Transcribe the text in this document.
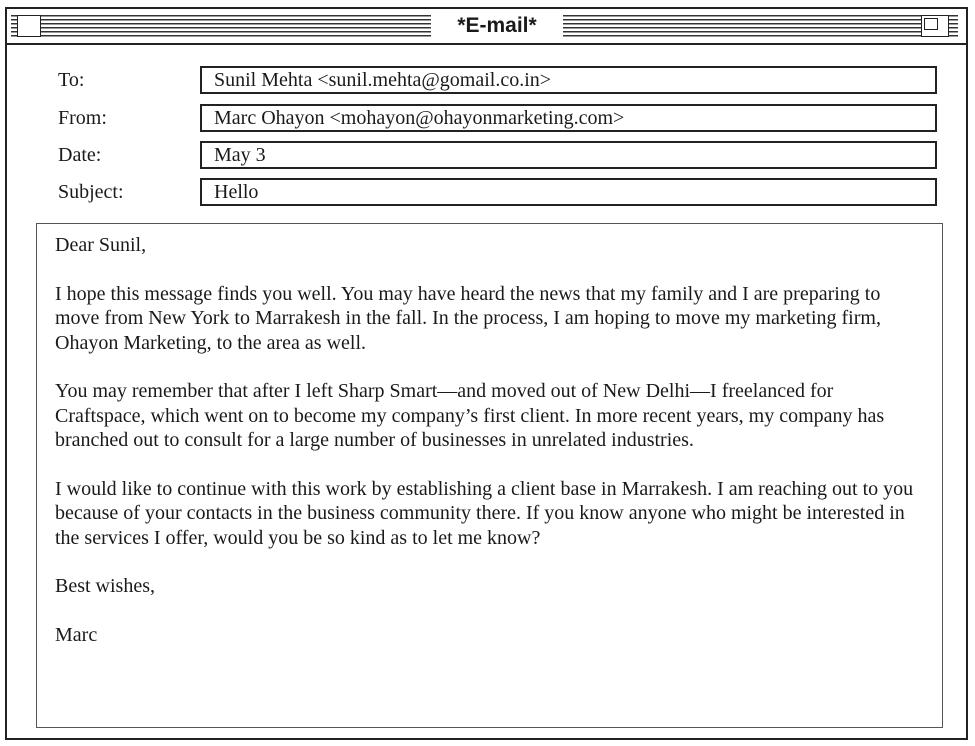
*E-mail*
To:	Sunil Mehta <sunil.mehta@gomail.co.in>
From:	Marc Ohayon <mohayon@ohayonmarketing.com>
Date:	May 3
Subject:	Hello

Dear Sunil,

I hope this message finds you well. You may have heard the news that my family and I are preparing to move from New York to Marrakesh in the fall. In the process, I am hoping to move my marketing firm, Ohayon Marketing, to the area as well.

You may remember that after I left Sharp Smart—and moved out of New Delhi—I freelanced for Craftspace, which went on to become my company’s first client. In more recent years, my company has branched out to consult for a large number of businesses in unrelated industries.

I would like to continue with this work by establishing a client base in Marrakesh. I am reaching out to you because of your contacts in the business community there. If you know anyone who might be interested in the services I offer, would you be so kind as to let me know?

Best wishes,

Marc
